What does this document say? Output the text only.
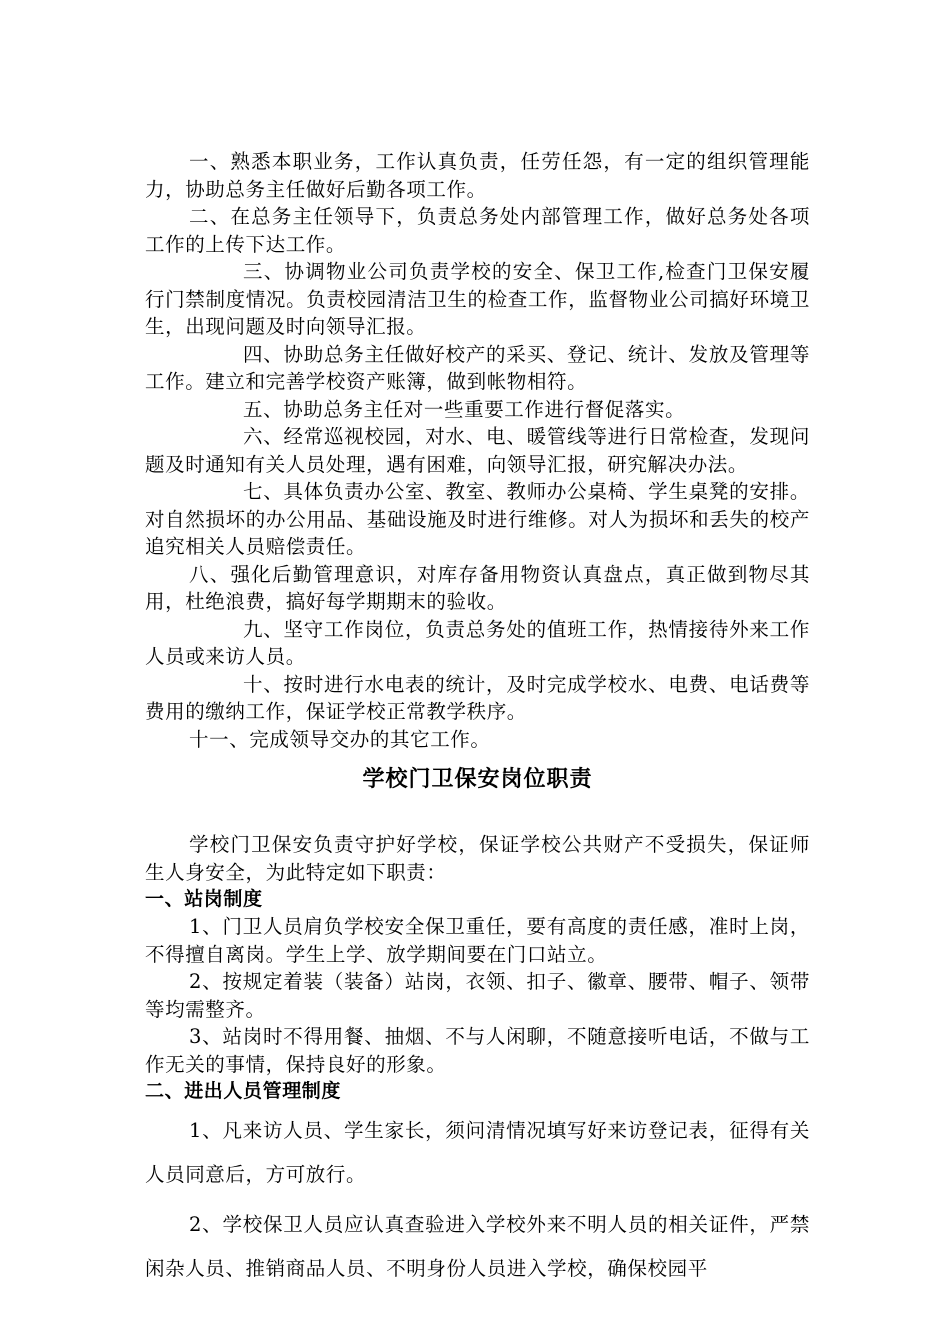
一、熟悉本职业务，工作认真负责，任劳任怨，有一定的组织管理能力，协助总务主任做好后勤各项工作。

二、在总务主任领导下，负责总务处内部管理工作，做好总务处各项工作的上传下达工作。

三、协调物业公司负责学校的安全、保卫工作,检查门卫保安履行门禁制度情况。负责校园清洁卫生的检查工作，监督物业公司搞好环境卫生，出现问题及时向领导汇报。

四、协助总务主任做好校产的采买、登记、统计、发放及管理等工作。建立和完善学校资产账簿，做到帐物相符。

五、协助总务主任对一些重要工作进行督促落实。

六、经常巡视校园，对水、电、暖管线等进行日常检查，发现问题及时通知有关人员处理，遇有困难，向领导汇报，研究解决办法。

七、具体负责办公室、教室、教师办公桌椅、学生桌凳的安排。对自然损坏的办公用品、基础设施及时进行维修。对人为损坏和丢失的校产追究相关人员赔偿责任。

八、强化后勤管理意识，对库存备用物资认真盘点，真正做到物尽其用，杜绝浪费，搞好每学期期末的验收。

九、坚守工作岗位，负责总务处的值班工作，热情接待外来工作人员或来访人员。

十、按时进行水电表的统计，及时完成学校水、电费、电话费等费用的缴纳工作，保证学校正常教学秩序。

十一、完成领导交办的其它工作。

学校门卫保安岗位职责

学校门卫保安负责守护好学校，保证学校公共财产不受损失，保证师生人身安全，为此特定如下职责：

一、站岗制度

1、门卫人员肩负学校安全保卫重任，要有高度的责任感，准时上岗，不得擅自离岗。学生上学、放学期间要在门口站立。

2、按规定着装（装备）站岗，衣领、扣子、徽章、腰带、帽子、领带等均需整齐。

3、站岗时不得用餐、抽烟、不与人闲聊，不随意接听电话，不做与工作无关的事情，保持良好的形象。

二、进出人员管理制度

1、凡来访人员、学生家长，须问清情况填写好来访登记表，征得有关人员同意后，方可放行。

2、学校保卫人员应认真查验进入学校外来不明人员的相关证件，严禁闲杂人员、推销商品人员、不明身份人员进入学校，确保校园平
